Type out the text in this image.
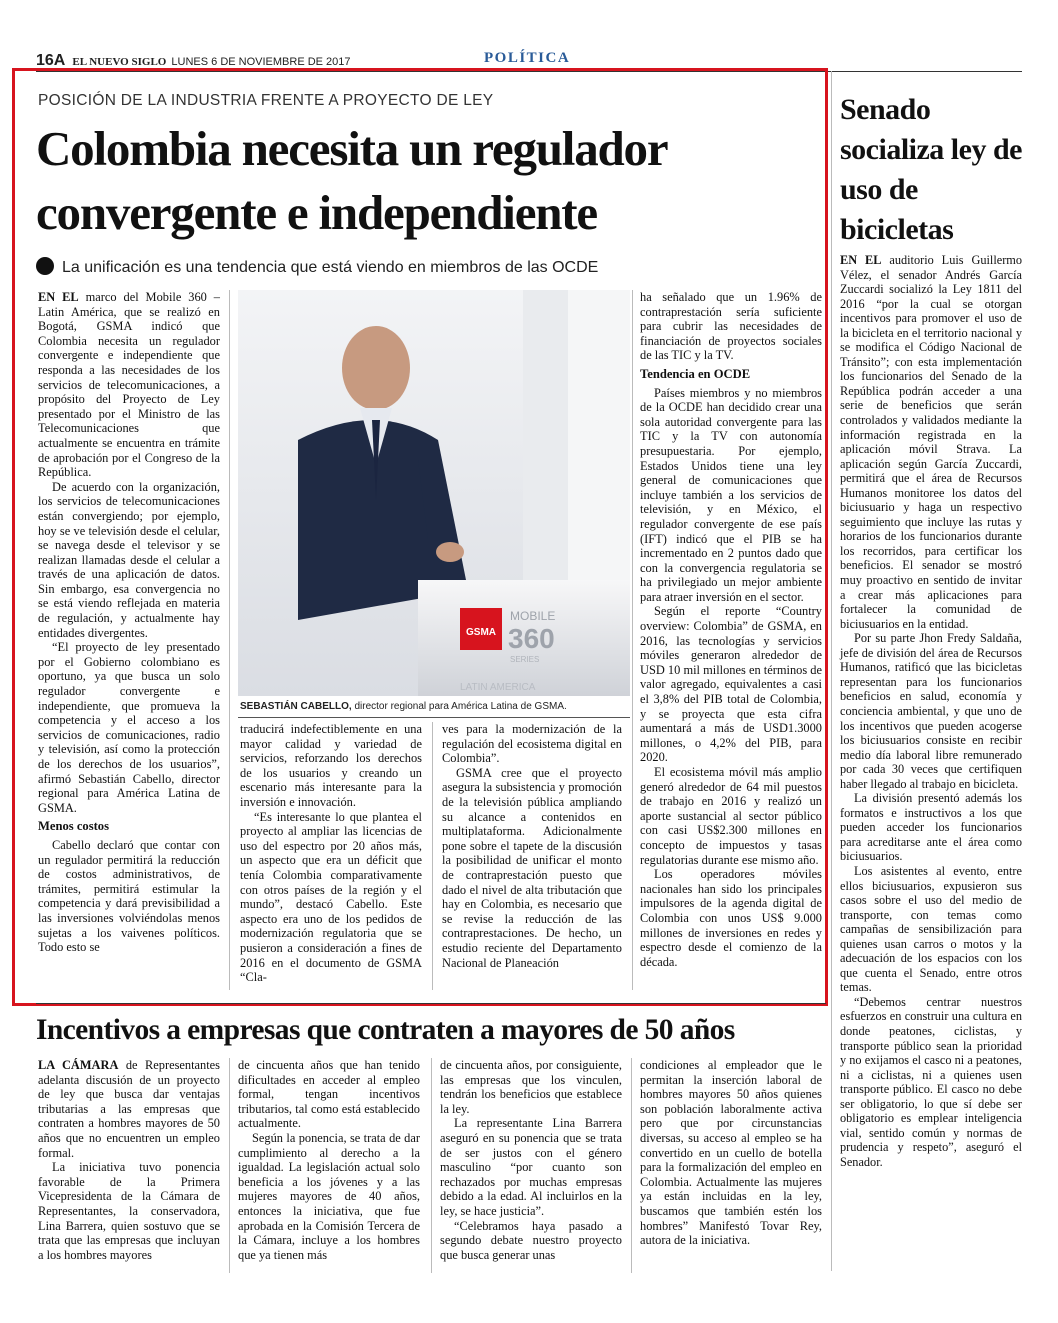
16A EL NUEVO SIGLO LUNES 6 DE NOVIEMBRE DE 2017	POLÍTICA
POSICIÓN DE LA INDUSTRIA FRENTE A PROYECTO DE LEY
Colombia necesita un regulador convergente e independiente
La unificación es una tendencia que está viendo en miembros de las OCDE

EN EL marco del Mobile 360 – Latin América, que se realizó en Bogotá, GSMA indicó que Colombia necesita un regulador convergente e independiente que responda a las necesidades de los servicios de telecomunicaciones, a propósito del Proyecto de Ley presentado por el Ministro de las Telecomunicaciones que actualmente se encuentra en trámite de aprobación por el Congreso de la República.

De acuerdo con la organización, los servicios de telecomunicaciones están convergiendo; por ejemplo, hoy se ve televisión desde el celular, se navega desde el televisor y se realizan llamadas desde el celular a través de una aplicación de datos. Sin embargo, esa convergencia no se está viendo reflejada en materia de regulación, y actualmente hay entidades divergentes.

“El proyecto de ley presentado por el Gobierno colombiano es oportuno, ya que busca un solo regulador convergente e independiente, que promueva la competencia y el acceso a los servicios de comunicaciones, radio y televisión, así como la protección de los derechos de los usuarios”, afirmó Sebastián Cabello, director regional para América Latina de GSMA.

Menos costos

Cabello declaró que contar con un regulador permitirá la reducción de costos administrativos, de trámites, permitirá estimular la competencia y dará previsibilidad a las inversiones volviéndolas menos sujetas a los vaivenes políticos. Todo esto se

GSMA
MOBILE
360
SERIES
LATIN AMERICA
SEBASTIÁN CABELLO, director regional para América Latina de GSMA.

traducirá indefectiblemente en una mayor calidad y variedad de servicios, reforzando los derechos de los usuarios y creando un escenario más interesante para la inversión e innovación.

“Es interesante lo que plantea el proyecto al ampliar las licencias de uso del espectro por 20 años más, un aspecto que era un déficit que tenía Colombia comparativamente con otros países de la región y el mundo”, destacó Cabello. Este aspecto era uno de los pedidos de modernización regulatoria que se pusieron a consideración a fines de 2016 en el documento de GSMA “Cla-

ves para la modernización de la regulación del ecosistema digital en Colombia”.

GSMA cree que el proyecto asegura la subsistencia y promoción de la televisión pública ampliando su alcance a contenidos en multiplataforma. Adicionalmente pone sobre el tapete de la discusión la posibilidad de unificar el monto de contraprestación puesto que dado el nivel de alta tributación que hay en Colombia, es necesario que se revise la reducción de las contraprestaciones. De hecho, un estudio reciente del Departamento Nacional de Planeación

ha señalado que un 1.96% de contraprestación sería suficiente para cubrir las necesidades de financiación de proyectos sociales de las TIC y la TV.

Tendencia en OCDE

Países miembros y no miembros de la OCDE han decidido crear una sola autoridad convergente para las TIC y la TV con autonomía presupuestaria. Por ejemplo, Estados Unidos tiene una ley general de comunicaciones que incluye también a los servicios de televisión, y en México, el regulador convergente de ese país (IFT) indicó que el PIB se ha incrementado en 2 puntos dado que con la convergencia regulatoria se ha privilegiado un mejor ambiente para atraer inversión en el sector.

Según el reporte “Country overview: Colombia” de GSMA, en 2016, las tecnologías y servicios móviles generaron alrededor de USD 10 mil millones en términos de valor agregado, equivalentes a casi el 3,8% del PIB total de Colombia, y se proyecta que esta cifra aumentará a más de USD1.3000 millones, o 4,2% del PIB, para 2020.

El ecosistema móvil más amplio generó alrededor de 64 mil puestos de trabajo en 2016 y realizó un aporte sustancial al sector público con casi US$2.300 millones en concepto de impuestos y tasas regulatorias durante ese mismo año.

Los operadores móviles nacionales han sido los principales impulsores de la agenda digital de Colombia con unos US$ 9.000 millones de inversiones en redes y espectro desde el comienzo de la década.

Senado socializa ley de uso de bicicletas

EN EL auditorio Luis Guillermo Vélez, el senador Andrés García Zuccardi socializó la Ley 1811 del 2016 “por la cual se otorgan incentivos para promover el uso de la bicicleta en el territorio nacional y se modifica el Código Nacional de Tránsito”; con esta implementación los funcionarios del Senado de la República podrán acceder a una serie de beneficios que serán controlados y validados mediante la información registrada en la aplicación móvil Strava. La aplicación según García Zuccardi, permitirá que el área de Recursos Humanos monitoree los datos del biciusuario y haga un respectivo seguimiento que incluye las rutas y horarios de los funcionarios durante los recorridos, para certificar los beneficios. El senador se mostró muy proactivo en sentido de invitar a crear más aplicaciones para fortalecer la comunidad de biciusuarios en la entidad.

Por su parte Jhon Fredy Saldaña, jefe de división del área de Recursos Humanos, ratificó que las bicicletas representan para los funcionarios beneficios en salud, economía y conciencia ambiental, y que uno de los incentivos que pueden acogerse los biciusuarios consiste en recibir medio día laboral libre remunerado por cada 30 veces que certifiquen haber llegado al trabajo en bicicleta.

La división presentó además los formatos e instructivos a los que pueden acceder los funcionarios para acreditarse ante el área como biciusuarios.

Los asistentes al evento, entre ellos biciusuarios, expusieron sus casos sobre el uso del medio de transporte, con temas como campañas de sensibilización para quienes usan carros o motos y la adecuación de los espacios con los que cuenta el Senado, entre otros temas.

“Debemos centrar nuestros esfuerzos en construir una cultura en donde peatones, ciclistas, y transporte público sean la prioridad y no exijamos el casco ni a peatones, ni a ciclistas, ni a quienes usen transporte público. El casco no debe ser obligatorio, lo que sí debe ser obligatorio es emplear inteligencia vial, sentido común y normas de prudencia y respeto”, aseguró el Senador.

Incentivos a empresas que contraten a mayores de 50 años

LA CÁMARA de Representantes adelanta discusión de un proyecto de ley que busca dar ventajas tributarias a las empresas que contraten a hombres mayores de 50 años que no encuentren un empleo formal.

La iniciativa tuvo ponencia favorable de la Primera Vicepresidenta de la Cámara de Representantes, la conservadora, Lina Barrera, quien sostuvo que se trata que las empresas que incluyan a los hombres mayores

de cincuenta años que han tenido dificultades en acceder al empleo formal, tengan incentivos tributarios, tal como está establecido actualmente.

Según la ponencia, se trata de dar cumplimiento al derecho a la igualdad. La legislación actual solo beneficia a los jóvenes y a las mujeres mayores de 40 años, entonces la iniciativa, que fue aprobada en la Comisión Tercera de la Cámara, incluye a los hombres que ya tienen más

de cincuenta años, por consiguiente, las empresas que los vinculen, tendrán los beneficios que establece la ley.

La representante Lina Barrera aseguró en su ponencia que se trata de ser justos con el género masculino “por cuanto son rechazados por muchas empresas debido a la edad. Al incluirlos en la ley, se hace justicia”.

“Celebramos haya pasado a segundo debate nuestro proyecto que busca generar unas

condiciones al empleador que le permitan la inserción laboral de hombres mayores 50 años quienes son población laboralmente activa pero que por circunstancias diversas, su acceso al empleo se ha convertido en un cuello de botella para la formalización del empleo en Colombia. Actualmente las mujeres ya están incluidas en la ley, buscamos que también estén los hombres” Manifestó Tovar Rey, autora de la iniciativa.
